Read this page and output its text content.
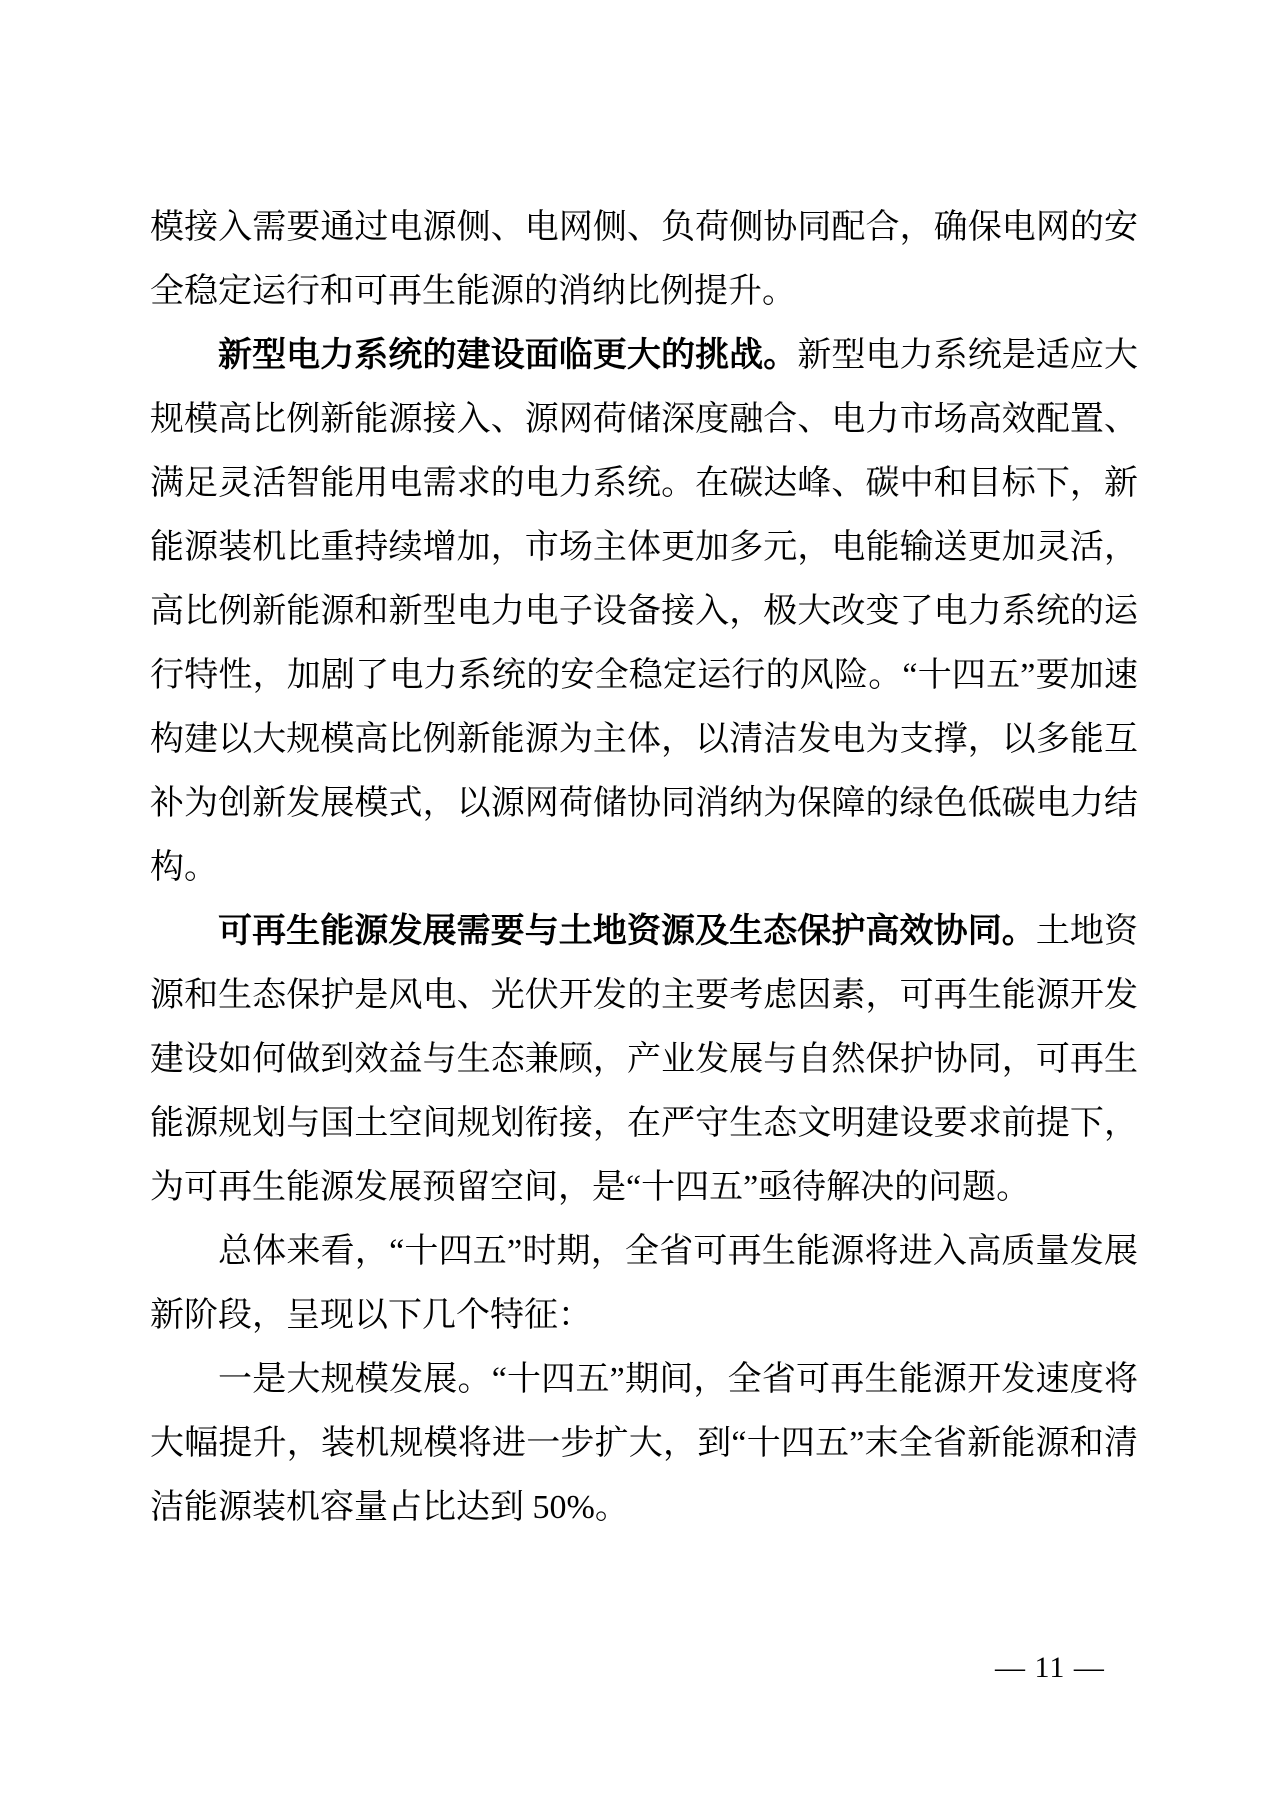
模接入需要通过电源侧、电网侧、负荷侧协同配合，确保电网的安全稳定运行和可再生能源的消纳比例提升。

新型电力系统的建设面临更大的挑战。新型电力系统是适应大规模高比例新能源接入、源网荷储深度融合、电力市场高效配置、满足灵活智能用电需求的电力系统。在碳达峰、碳中和目标下，新能源装机比重持续增加，市场主体更加多元，电能输送更加灵活，高比例新能源和新型电力电子设备接入，极大改变了电力系统的运行特性，加剧了电力系统的安全稳定运行的风险。“十四五”要加速构建以大规模高比例新能源为主体，以清洁发电为支撑，以多能互补为创新发展模式，以源网荷储协同消纳为保障的绿色低碳电力结构。

可再生能源发展需要与土地资源及生态保护高效协同。土地资源和生态保护是风电、光伏开发的主要考虑因素，可再生能源开发建设如何做到效益与生态兼顾，产业发展与自然保护协同，可再生能源规划与国土空间规划衔接，在严守生态文明建设要求前提下，为可再生能源发展预留空间，是“十四五”亟待解决的问题。

总体来看，“十四五”时期，全省可再生能源将进入高质量发展新阶段，呈现以下几个特征：

一是大规模发展。“十四五”期间，全省可再生能源开发速度将大幅提升，装机规模将进一步扩大，到“十四五”末全省新能源和清洁能源装机容量占比达到 50%。

— 11 —
